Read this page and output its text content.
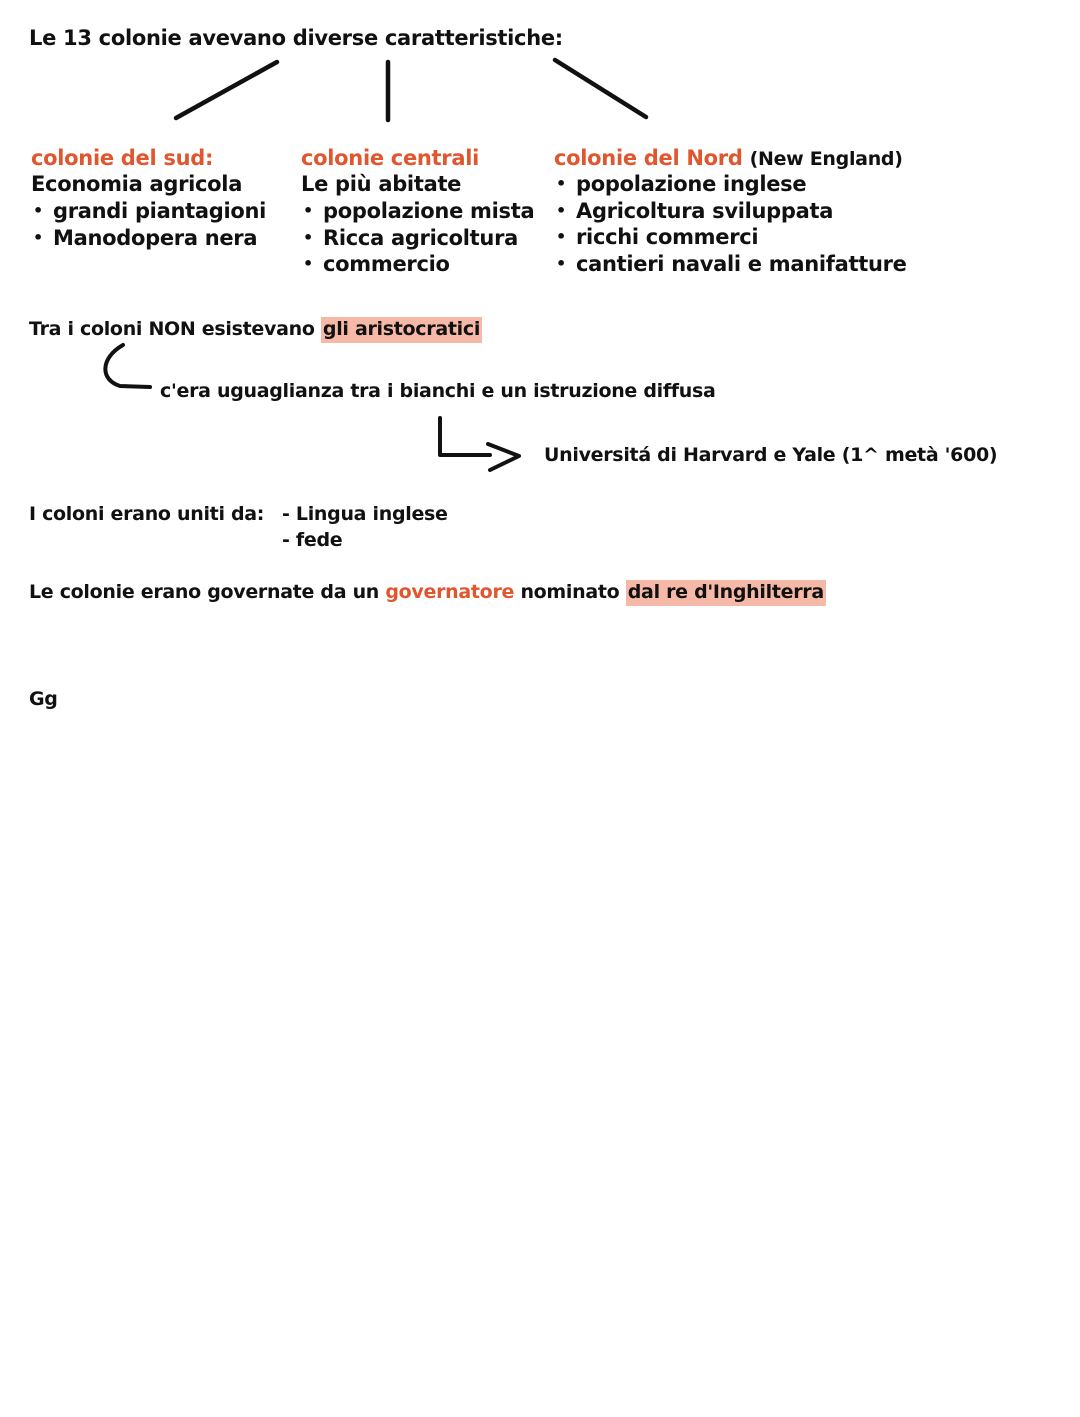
Le 13 colonie avevano diverse caratteristiche:
colonie del sud:
Economia agricola
• grandi piantagioni
• Manodopera nera
colonie centrali
Le più abitate
• popolazione mista
• Ricca agricoltura
• commercio
colonie del Nord (New England)
• popolazione inglese
• Agricoltura sviluppata
• ricchi commerci
• cantieri navali e manifatture
Tra i coloni NON esistevano gli aristocratici
c'era uguaglianza tra i bianchi e un istruzione diffusa
Universitá di Harvard e Yale (1^ metà '600)
I coloni erano uniti da: - Lingua inglese
- fede
Le colonie erano governate da un governatore nominato dal re d'Inghilterra
Gg
